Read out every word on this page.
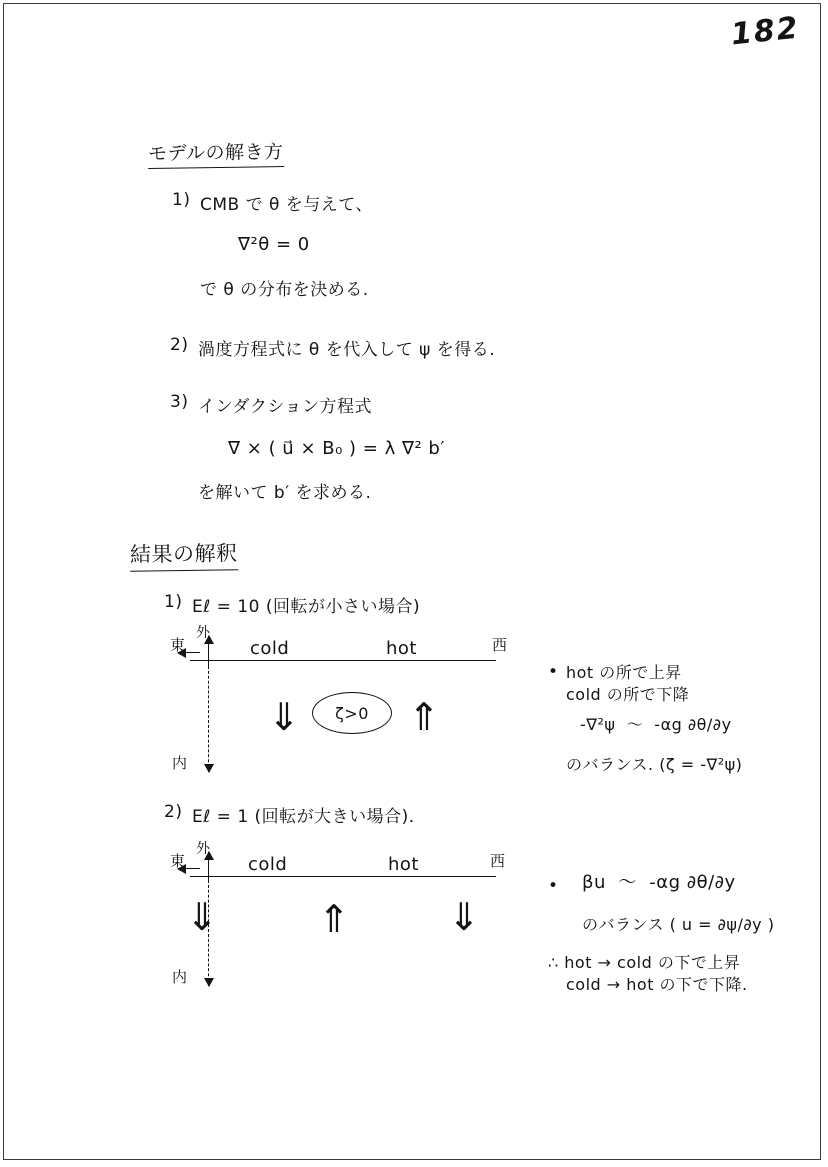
182
モデルの解き方
1) CMB で θ を与えて、
∇²θ = 0
で θ の分布を決める.
2) 渦度方程式に θ を代入して ψ を得る.
3) インダクション方程式
∇ × ( u⃗ × B₀ ) = λ ∇² b′
を解いて b′ を求める.
結果の解釈
1) Eℓ = 10 (回転が小さい場合)
東
外
内
西
cold	hot
⇓	⇑
ζ>0
• hot の所で上昇
cold の所で下降
-∇²ψ  ～  -αg ∂θ/∂y
のバランス. (ζ = -∇²ψ)
2) Eℓ = 1 (回転が大きい場合).
東
外
内
西
cold	hot
⇓	⇑	⇓
• βu  ～  -αg ∂θ/∂y
のバランス ( u = ∂ψ/∂y )
∴ hot → cold の下で上昇
cold → hot の下で下降.
